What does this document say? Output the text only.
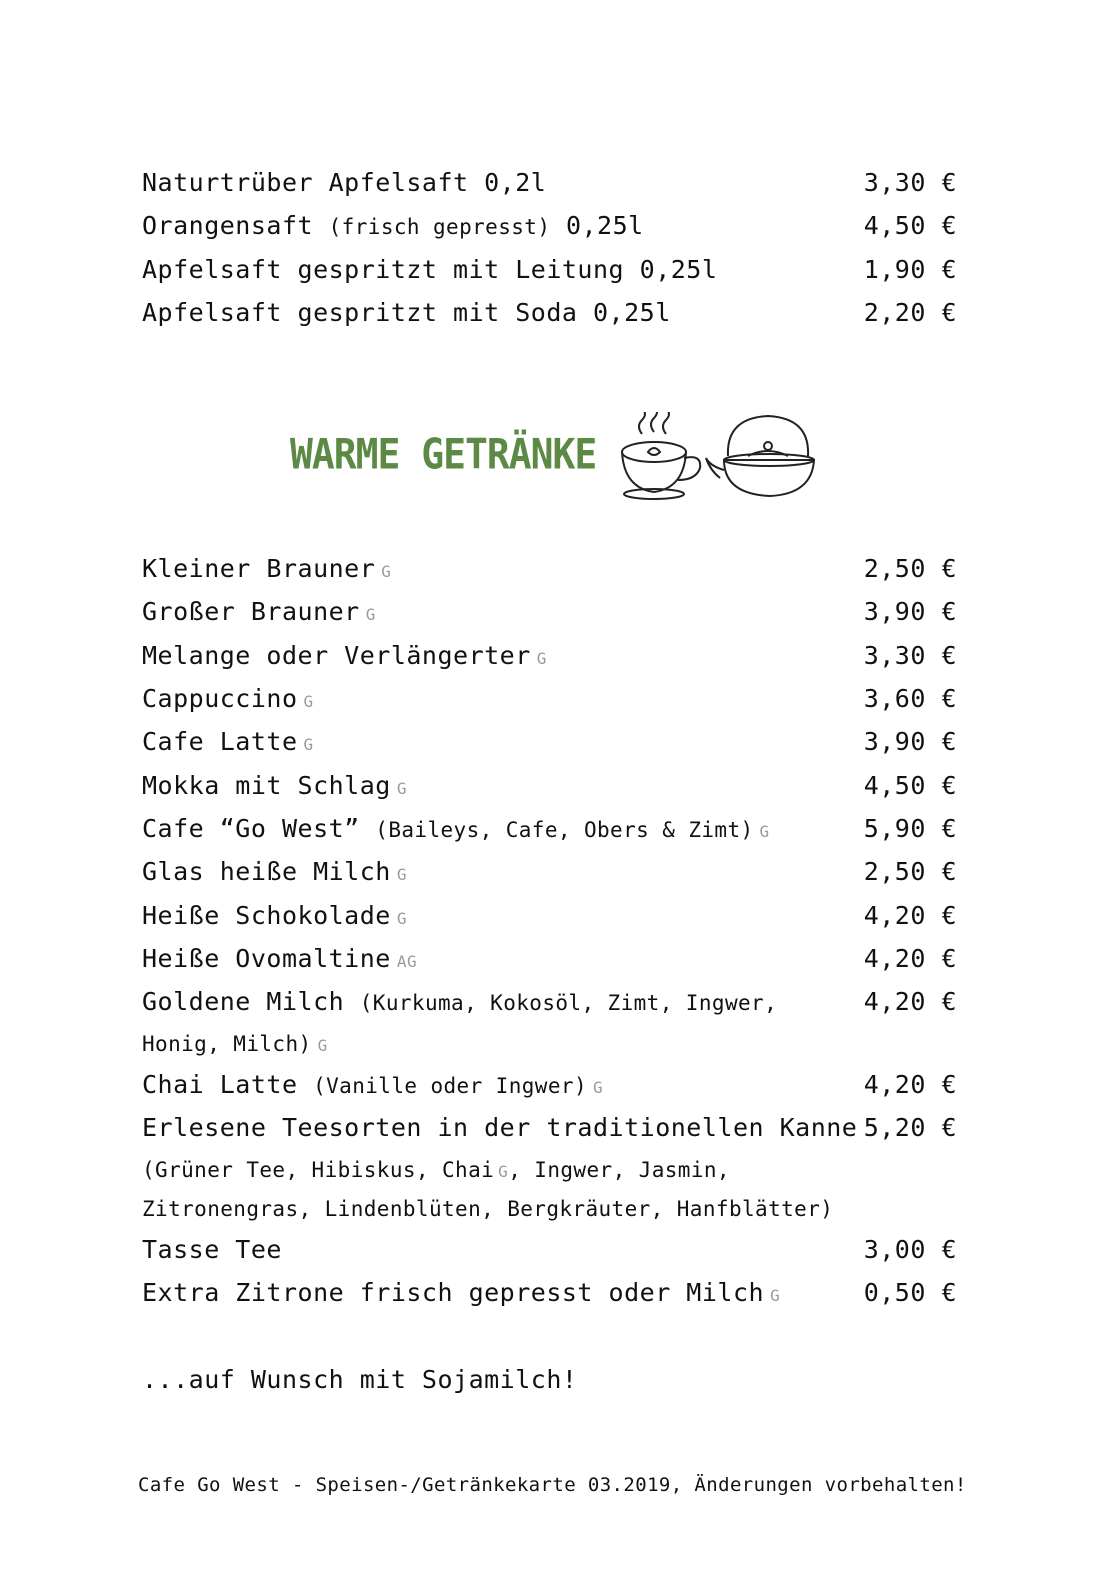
Naturtrüber Apfelsaft 0,2l	3,30 €
Orangensaft (frisch gepresst) 0,25l	4,50 €
Apfelsaft gespritzt mit Leitung 0,25l	1,90 €
Apfelsaft gespritzt mit Soda 0,25l	2,20 €
WARME GETRÄNKE
Kleiner Brauner G	2,50 €
Großer Brauner G	3,90 €
Melange oder Verlängerter G	3,30 €
Cappuccino G	3,60 €
Cafe Latte G	3,90 €
Mokka mit Schlag G	4,50 €
Cafe “Go West” (Baileys, Cafe, Obers & Zimt) G	5,90 €
Glas heiße Milch G	2,50 €
Heiße Schokolade G	4,20 €
Heiße Ovomaltine AG	4,20 €
Goldene Milch (Kurkuma, Kokosöl, Zimt, Ingwer,	4,20 €
Honig, Milch) G
Chai Latte (Vanille oder Ingwer) G	4,20 €
Erlesene Teesorten in der traditionellen Kanne 5,20 €
(Grüner Tee, Hibiskus, Chai G, Ingwer, Jasmin,
Zitronengras, Lindenblüten, Bergkräuter, Hanfblätter)
Tasse Tee	3,00 €
Extra Zitrone frisch gepresst oder Milch G	0,50 €
...auf Wunsch mit Sojamilch!
Cafe Go West - Speisen-/Getränkekarte 03.2019, Änderungen vorbehalten!
